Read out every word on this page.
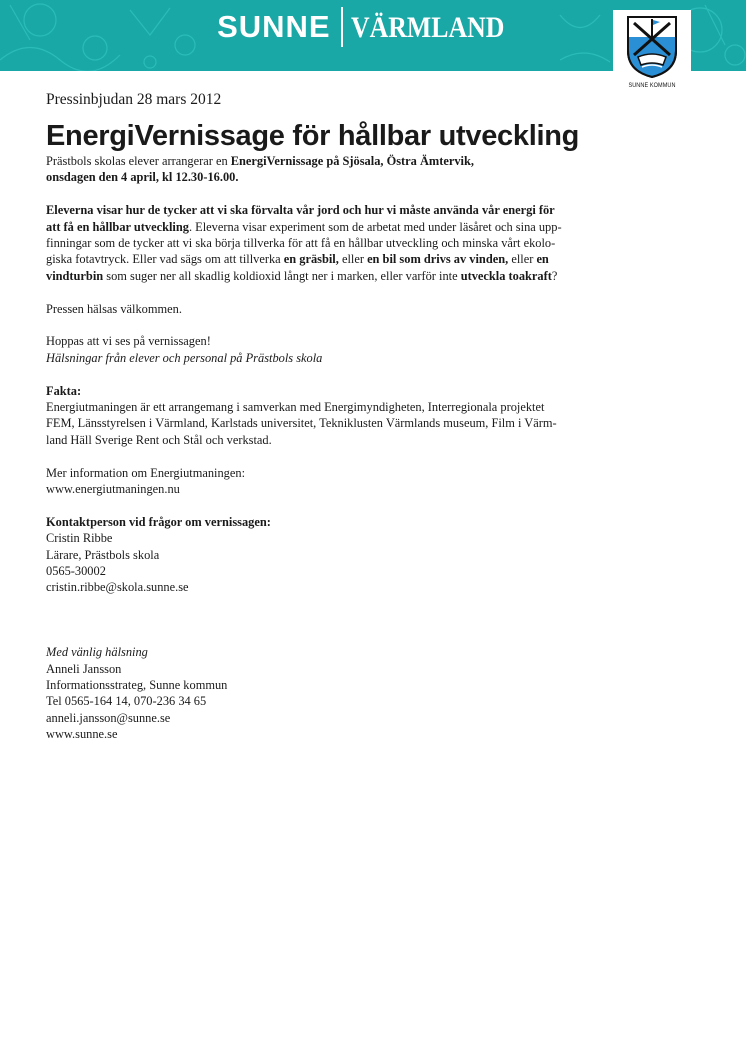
SUNNE VÄRMLAND
SUNNE KOMMUN
Pressinbjudan 28 mars 2012
EnergiVernissage för hållbar utveckling

Prästbols skolas elever arrangerar en EnergiVernissage på Sjösala, Östra Ämtervik,
onsdagen den 4 april, kl 12.30-16.00.

Eleverna visar hur de tycker att vi ska förvalta vår jord och hur vi måste använda vår energi för
att få en hållbar utveckling. Eleverna visar experiment som de arbetat med under läsåret och sina upp-
finningar som de tycker att vi ska börja tillverka för att få en hållbar utveckling och minska vårt ekolo-
giska fotavtryck. Eller vad sägs om att tillverka en gräsbil, eller en bil som drivs av vinden, eller en
vindturbin som suger ner all skadlig koldioxid långt ner i marken, eller varför inte utveckla toakraft?

Pressen hälsas välkommen.

Hoppas att vi ses på vernissagen!
Hälsningar från elever och personal på Prästbols skola

Fakta:
Energiutmaningen är ett arrangemang i samverkan med Energimyndigheten, Interregionala projektet
FEM, Länsstyrelsen i Värmland, Karlstads universitet, Tekniklusten Värmlands museum, Film i Värm-
land Häll Sverige Rent och Stål och verkstad.

Mer information om Energiutmaningen:
www.energiutmaningen.nu

Kontaktperson vid frågor om vernissagen:
Cristin Ribbe
Lärare, Prästbols skola
0565-30002
cristin.ribbe@skola.sunne.se

Med vänlig hälsning
Anneli Jansson
Informationsstrateg, Sunne kommun
Tel 0565-164 14, 070-236 34 65
anneli.jansson@sunne.se
www.sunne.se
